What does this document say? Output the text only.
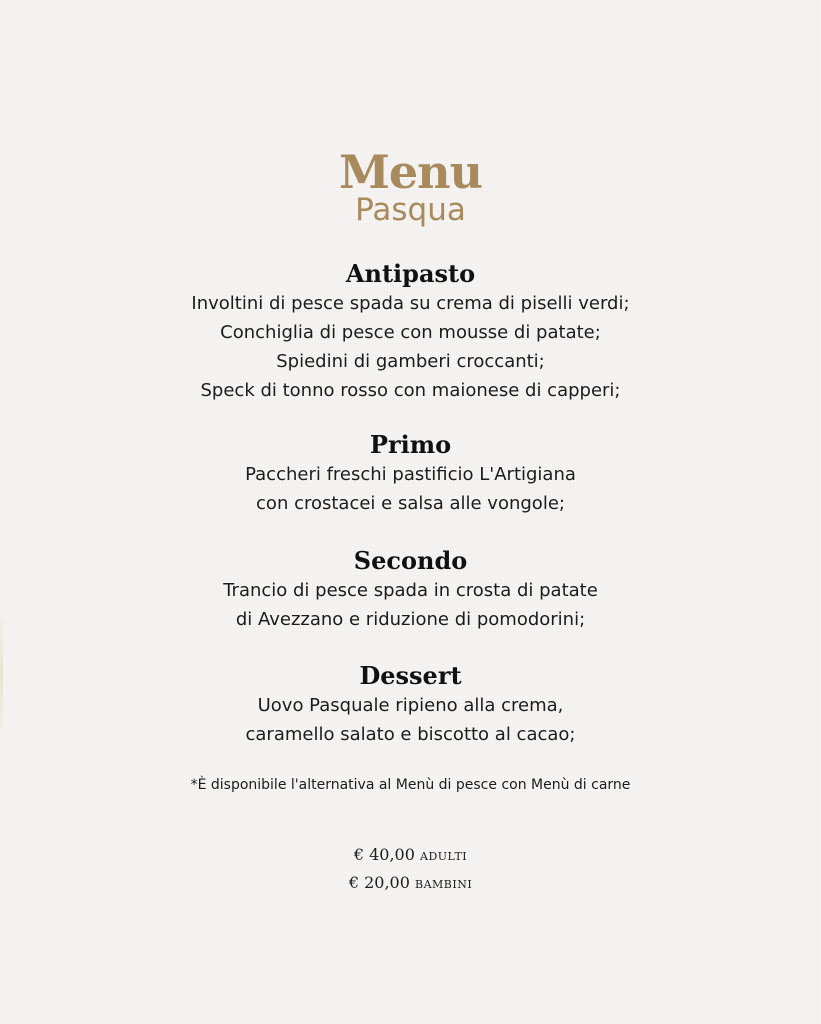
Menu
Pasqua
Antipasto
Involtini di pesce spada su crema di piselli verdi;
Conchiglia di pesce con mousse di patate;
Spiedini di gamberi croccanti;
Speck di tonno rosso con maionese di capperi;
Primo
Paccheri freschi pastificio L'Artigiana
con crostacei e salsa alle vongole;
Secondo
Trancio di pesce spada in crosta di patate
di Avezzano e riduzione di pomodorini;
Dessert
Uovo Pasquale ripieno alla crema,
caramello salato e biscotto al cacao;
*È disponibile l'alternativa al Menù di pesce con Menù di carne
€ 40,00 ADULTI
€ 20,00 BAMBINI
